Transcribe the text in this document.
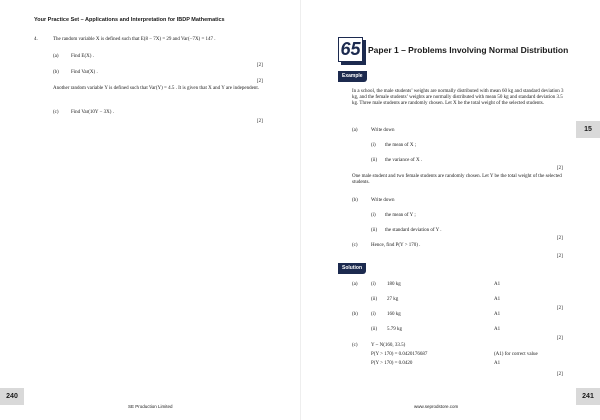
Your Practice Set – Applications and Interpretation for IBDP Mathematics
4.	The random variable X is defined such that E(8 − 7X) = 29 and Var(−7X) = 147 .
(a) Find E(X) .
[2]
(b) Find Var(X) .
[2]
Another random variable Y is defined such that Var(Y) = 4.5 . It is given that X and Y are independent.
(c) Find Var(10Y − 3X) .
[2]
240
SE Production Limited
65 Paper 1 – Problems Involving Normal Distribution
15
Example
In a school, the male students’ weights are normally distributed with mean 60 kg and standard deviation 3 kg, and the female students’ weights are normally distributed with mean 50 kg and standard deviation 3.5 kg. Three male students are randomly chosen. Let X be the total weight of the selected students.
(a)	Write down
(i) the mean of X ;
(ii) the variance of X .
[2]
One male student and two female students are randomly chosen. Let Y be the total weight of the selected students.
(b)	Write down
(i) the mean of Y ;
(ii) the standard deviation of Y .
[2]
(c)	Hence, find P(Y > 170) .
[2]
Solution
(a)	(i) 180 kg	A1
(ii) 27 kg	A1
[2]
(b)	(i) 160 kg	A1
(ii) 5.79 kg	A1
[2]
(c)	Y ~ N(160, 33.5)
P(Y > 170) = 0.0420176687	(A1) for correct value
P(Y > 170) = 0.0420	A1
[2]
241
www.seprodstore.com
